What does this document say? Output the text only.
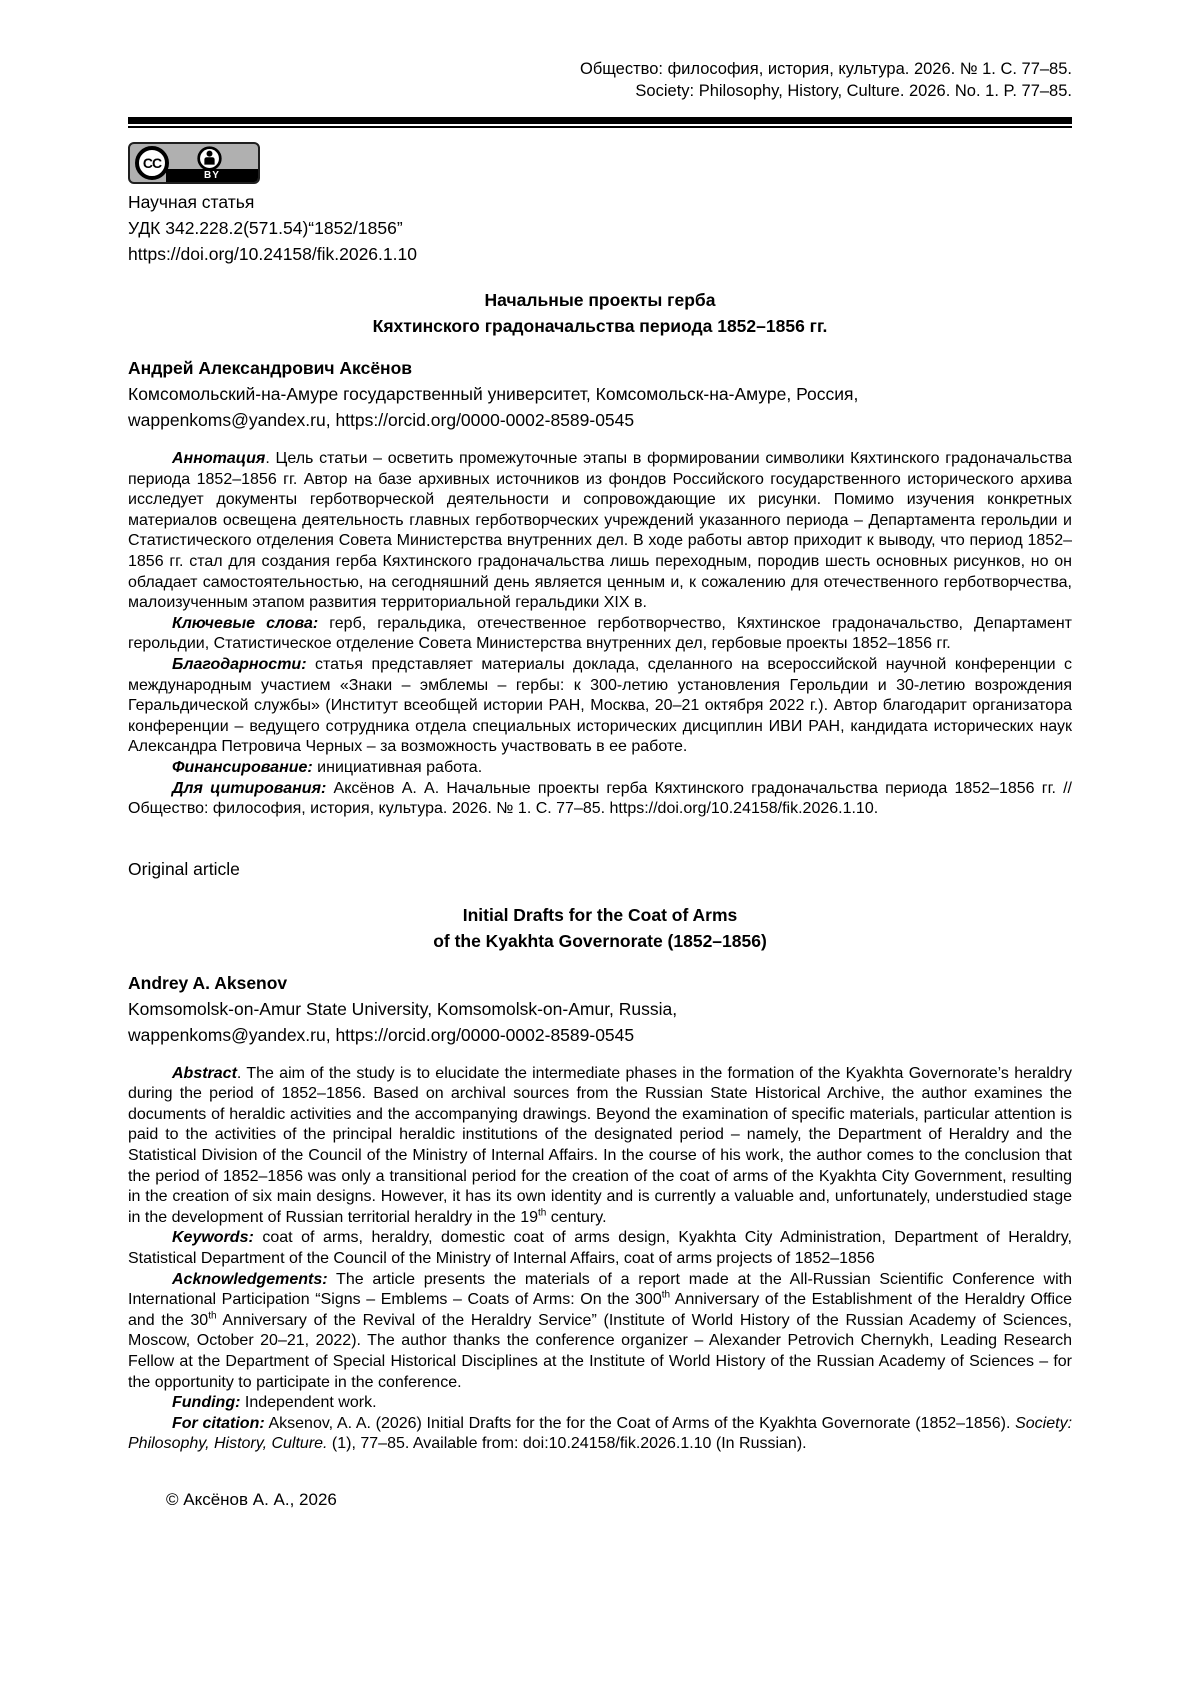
Общество: философия, история, культура. 2026. № 1. С. 77–85.
Society: Philosophy, History, Culture. 2026. No. 1. P. 77–85.
BY
CC
Научная статья
УДК 342.228.2(571.54)“1852/1856”
https://doi.org/10.24158/fik.2026.1.10
Начальные проекты герба
Кяхтинского градоначальства периода 1852–1856 гг.
Андрей Александрович Аксёнов
Комсомольский-на-Амуре государственный университет, Комсомольск-на-Амуре, Россия,
wappenkoms@yandex.ru, https://orcid.org/0000-0002-8589-0545

Аннотация. Цель статьи – осветить промежуточные этапы в формировании символики Кяхтинского градоначальства периода 1852–1856 гг. Автор на базе архивных источников из фондов Российского государственного исторического архива исследует документы герботворческой деятельности и сопровождающие их рисунки. Помимо изучения конкретных материалов освещена деятельность главных герботворческих учреждений указанного периода – Департамента герольдии и Статистического отделения Совета Министерства внутренних дел. В ходе работы автор приходит к выводу, что период 1852–1856 гг. стал для создания герба Кяхтинского градоначальства лишь переходным, породив шесть основных рисунков, но он обладает самостоятельностью, на сегодняшний день является ценным и, к сожалению для отечественного герботворчества, малоизученным этапом развития территориальной геральдики XIX в.

Ключевые слова: герб, геральдика, отечественное герботворчество, Кяхтинское градоначальство, Департамент герольдии, Статистическое отделение Совета Министерства внутренних дел, гербовые проекты 1852–1856 гг.

Благодарности: статья представляет материалы доклада, сделанного на всероссийской научной конференции с международным участием «Знаки – эмблемы – гербы: к 300-летию установления Герольдии и 30-летию возрождения Геральдической службы» (Институт всеобщей истории РАН, Москва, 20–21 октября 2022 г.). Автор благодарит организатора конференции – ведущего сотрудника отдела специальных исторических дисциплин ИВИ РАН, кандидата исторических наук Александра Петровича Черных – за возможность участвовать в ее работе.

Финансирование: инициативная работа.

Для цитирования: Аксёнов А. А. Начальные проекты герба Кяхтинского градоначальства периода 1852–1856 гг. // Общество: философия, история, культура. 2026. № 1. С. 77–85. https://doi.org/10.24158/fik.2026.1.10.

Original article
Initial Drafts for the Coat of Arms
of the Kyakhta Governorate (1852–1856)
Andrey A. Aksenov
Komsomolsk-on-Amur State University, Komsomolsk-on-Amur, Russia,
wappenkoms@yandex.ru, https://orcid.org/0000-0002-8589-0545

Abstract. The aim of the study is to elucidate the intermediate phases in the formation of the Kyakhta Governorate’s heraldry during the period of 1852–1856. Based on archival sources from the Russian State Historical Archive, the author examines the documents of heraldic activities and the accompanying drawings. Beyond the examination of specific materials, particular attention is paid to the activities of the principal heraldic institutions of the designated period – namely, the Department of Heraldry and the Statistical Division of the Council of the Ministry of Internal Affairs. In the course of his work, the author comes to the conclusion that the period of 1852–1856 was only a transitional period for the creation of the coat of arms of the Kyakhta City Government, resulting in the creation of six main designs. However, it has its own identity and is currently a valuable and, unfortunately, understudied stage in the development of Russian territorial heraldry in the 19th century.

Keywords: coat of arms, heraldry, domestic coat of arms design, Kyakhta City Administration, Department of Heraldry, Statistical Department of the Council of the Ministry of Internal Affairs, coat of arms projects of 1852–1856

Acknowledgements: The article presents the materials of a report made at the All-Russian Scientific Conference with International Participation “Signs – Emblems – Coats of Arms: On the 300th Anniversary of the Establishment of the Heraldry Office and the 30th Anniversary of the Revival of the Heraldry Service” (Institute of World History of the Russian Academy of Sciences, Moscow, October 20–21, 2022). The author thanks the conference organizer – Alexander Petrovich Chernykh, Leading Research Fellow at the Department of Special Historical Disciplines at the Institute of World History of the Russian Academy of Sciences – for the opportunity to participate in the conference.

Funding: Independent work.

For citation: Aksenov, A. A. (2026) Initial Drafts for the for the Coat of Arms of the Kyakhta Governorate (1852–1856). Society: Philosophy, History, Culture. (1), 77–85. Available from: doi:10.24158/fik.2026.1.10 (In Russian).

© Аксёнов А. А., 2026
